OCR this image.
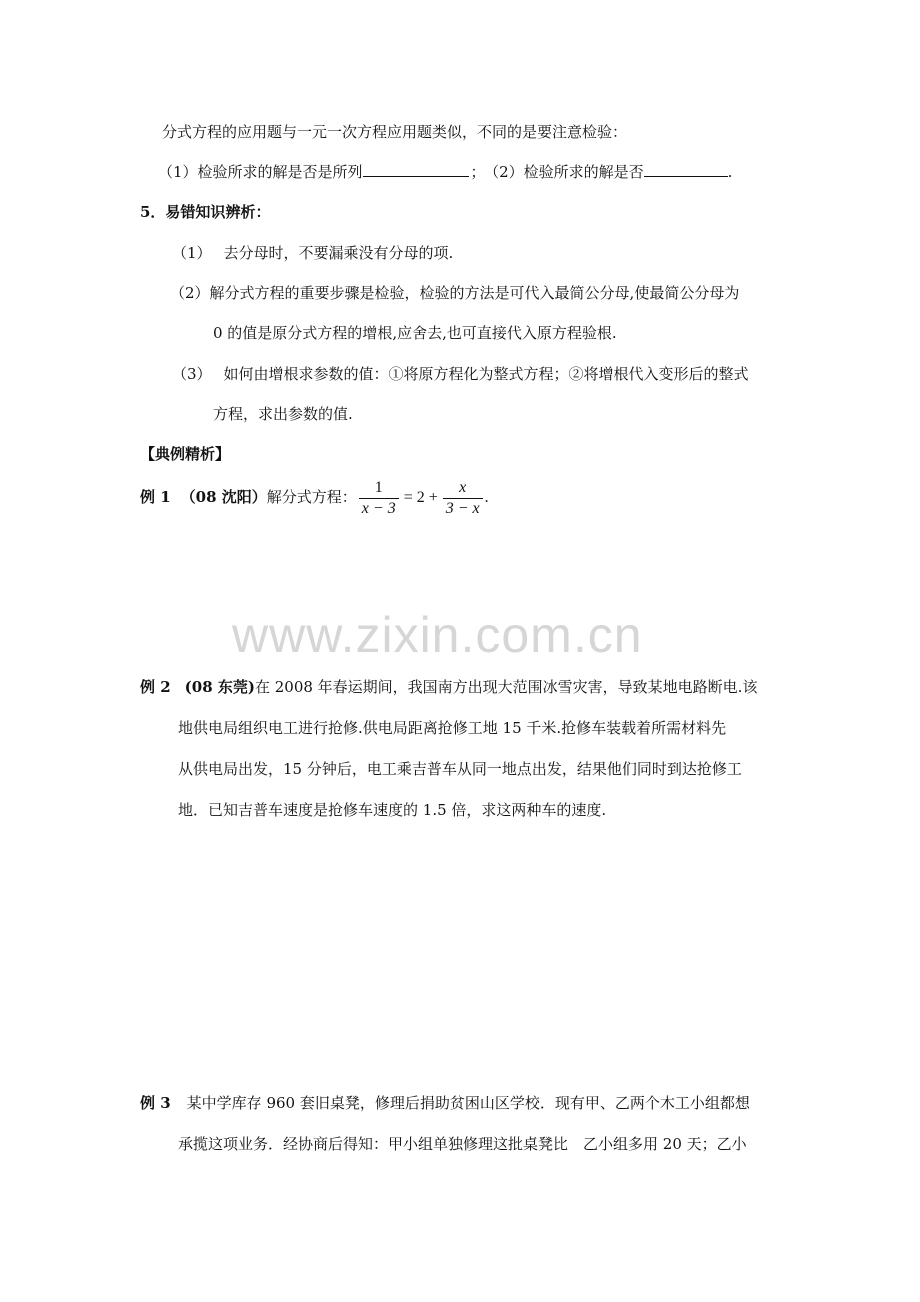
分式方程的应用题与一元一次方程应用题类似，不同的是要注意检验：
（1）检验所求的解是否是所列	； （2）检验所求的解是否	.
5．易错知识辨析：
（1） 去分母时，不要漏乘没有分母的项.
（2）解分式方程的重要步骤是检验，检验的方法是可代入最简公分母,使最简公分母为
0 的值是原分式方程的增根,应舍去,也可直接代入原方程验根.
（3） 如何由增根求参数的值：①将原方程化为整式方程；②将增根代入变形后的整式
方程，求出参数的值.
【典例精析】
例 1 （08 沈阳）解分式方程： $\frac{1}{x - 3} = 2 + \frac{x}{3 - x}$ .
www.zixin.com.cn
例 2 (08 东莞)在 2008 年春运期间，我国南方出现大范围冰雪灾害，导致某地电路断电.该
地供电局组织电工进行抢修.供电局距离抢修工地 15 千米.抢修车装载着所需材料先
从供电局出发，15 分钟后，电工乘吉普车从同一地点出发，结果他们同时到达抢修工
地．已知吉普车速度是抢修车速度的 1.5 倍，求这两种车的速度.
例 3 某中学库存 960 套旧桌凳，修理后捐助贫困山区学校．现有甲、乙两个木工小组都想
承揽这项业务．经协商后得知：甲小组单独修理这批桌凳比　乙小组多用 20 天；乙小
